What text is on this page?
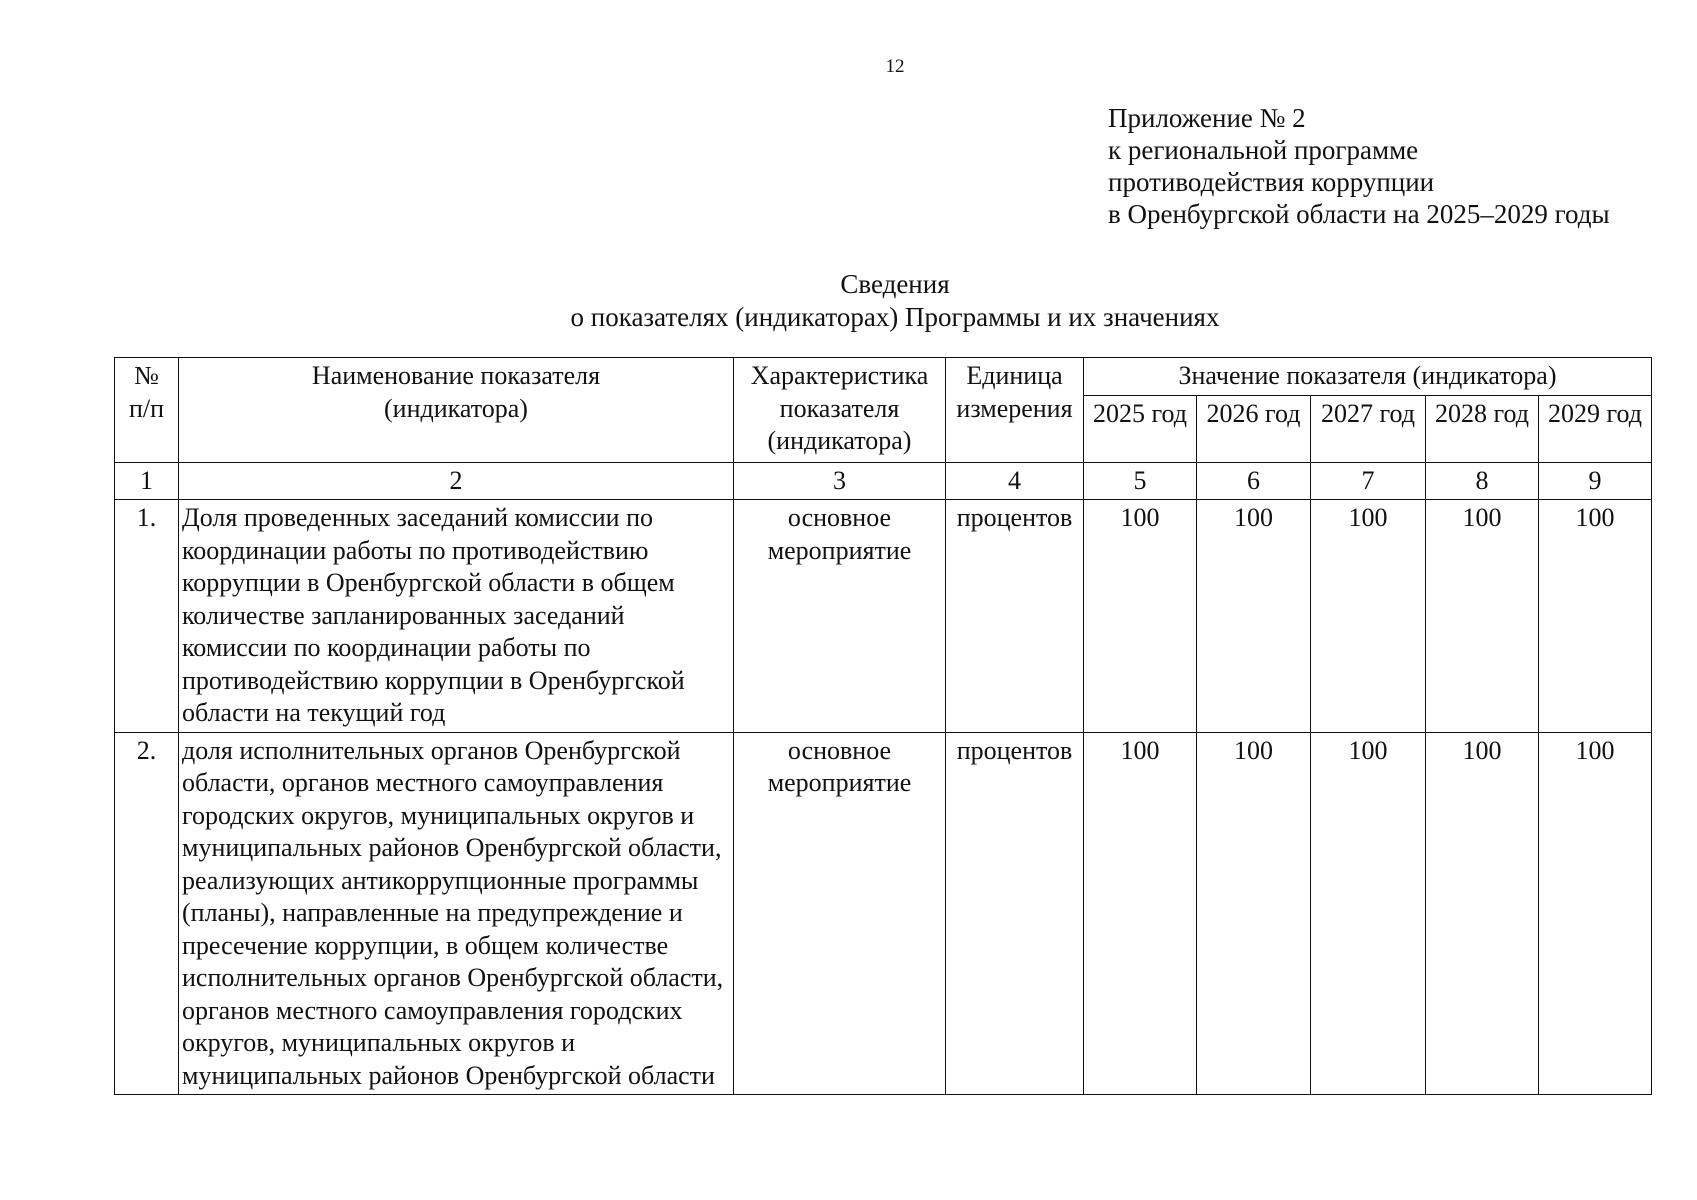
12
Приложение № 2
к региональной программе
противодействия коррупции
в Оренбургской области на 2025–2029 годы
Сведения
о показателях (индикаторах) Программы и их значениях
№ п/п	Наименование показателя (индикатора)	Характеристика показателя (индикатора)	Единица измерения	Значение показателя (индикатора)				
				2025 год	2026 год	2027 год	2028 год	2029 год
1	2	3	4	5	6	7	8	9
1.	Доля проведенных заседаний комиссии по координации работы по противодействию коррупции в Оренбургской области в общем количестве запланированных заседаний комиссии по координации работы по противодействию коррупции в Оренбургской области на текущий год	основное мероприятие	процентов	100	100	100	100	100
2.	доля исполнительных органов Оренбургской области, органов местного самоуправления городских округов, муниципальных округов и муниципальных районов Оренбургской области, реализующих антикоррупционные программы (планы), направленные на предупреждение и пресечение коррупции, в общем количестве исполнительных органов Оренбургской области, органов местного самоуправления городских округов, муниципальных округов и муниципальных районов Оренбургской области	основное мероприятие	процентов	100	100	100	100	100
